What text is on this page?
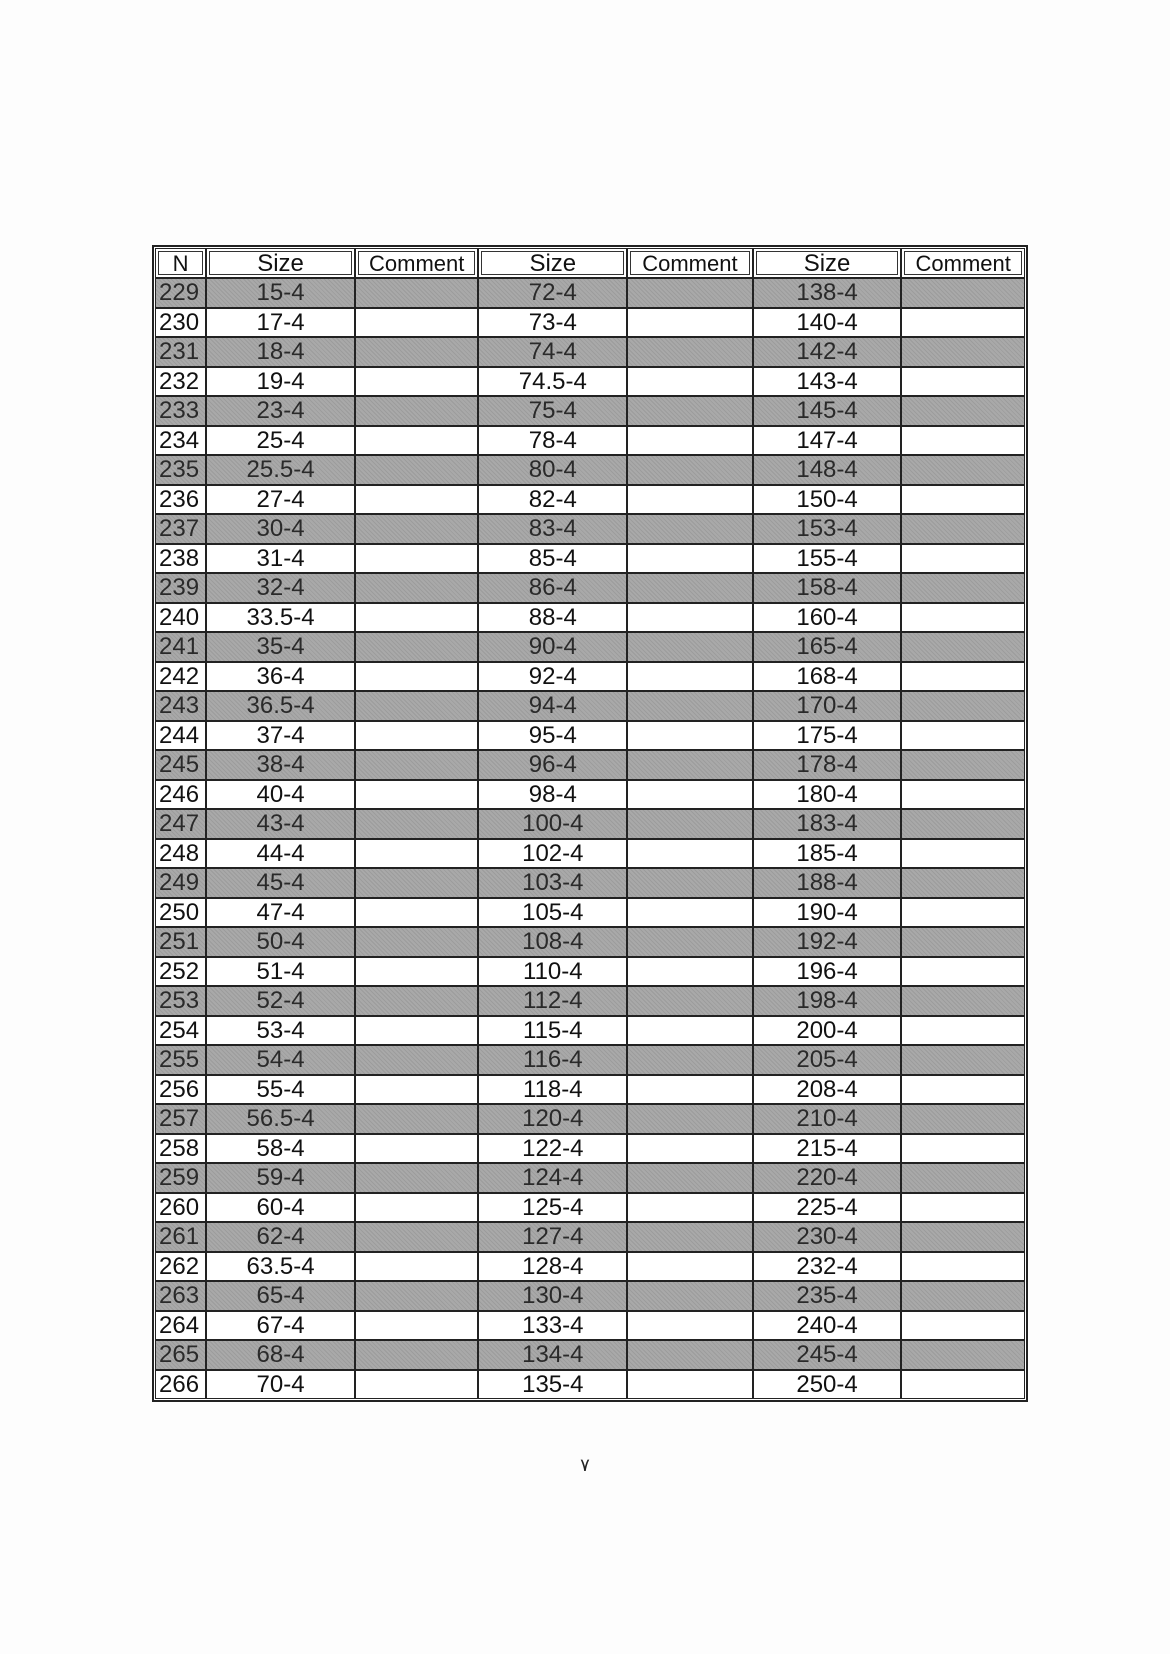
N	Size	Comment	Size	Comment	Size	Comment
229	15-4		72-4		138-4	
230	17-4		73-4		140-4	
231	18-4		74-4		142-4	
232	19-4		74.5-4		143-4	
233	23-4		75-4		145-4	
234	25-4		78-4		147-4	
235	25.5-4		80-4		148-4	
236	27-4		82-4		150-4	
237	30-4		83-4		153-4	
238	31-4		85-4		155-4	
239	32-4		86-4		158-4	
240	33.5-4		88-4		160-4	
241	35-4		90-4		165-4	
242	36-4		92-4		168-4	
243	36.5-4		94-4		170-4	
244	37-4		95-4		175-4	
245	38-4		96-4		178-4	
246	40-4		98-4		180-4	
247	43-4		100-4		183-4	
248	44-4		102-4		185-4	
249	45-4		103-4		188-4	
250	47-4		105-4		190-4	
251	50-4		108-4		192-4	
252	51-4		110-4		196-4	
253	52-4		112-4		198-4	
254	53-4		115-4		200-4	
255	54-4		116-4		205-4	
256	55-4		118-4		208-4	
257	56.5-4		120-4		210-4	
258	58-4		122-4		215-4	
259	59-4		124-4		220-4	
260	60-4		125-4		225-4	
261	62-4		127-4		230-4	
262	63.5-4		128-4		232-4	
263	65-4		130-4		235-4	
264	67-4		133-4		240-4	
265	68-4		134-4		245-4	
266	70-4		135-4		250-4	
٧
